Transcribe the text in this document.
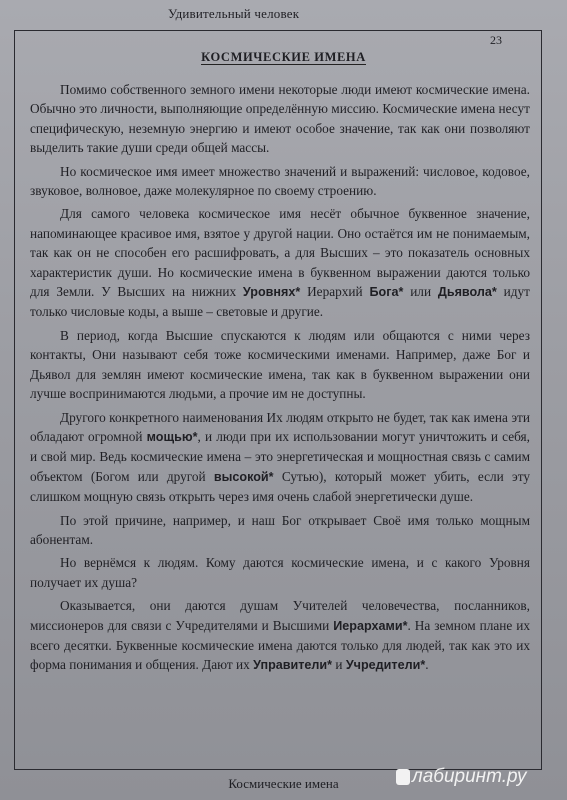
Удивительный человек
23
КОСМИЧЕСКИЕ ИМЕНА

Помимо собственного земного имени некоторые люди имеют космические имена. Обычно это личности, выполняющие определённую миссию. Космические имена несут специфическую, неземную энергию и имеют особое значение, так как они позволяют выделить такие души среди общей массы.

Но космическое имя имеет множество значений и выражений: числовое, кодовое, звуковое, волновое, даже молекулярное по своему строению.

Для самого человека космическое имя несёт обычное буквенное значение, напоминающее красивое имя, взятое у другой нации. Оно остаётся им не понимаемым, так как он не способен его расшифровать, а для Высших – это показатель основных характеристик души. Но космические имена в буквенном выражении даются только для Земли. У Высших на нижних Уровнях* Иерархий Бога* или Дьявола* идут только числовые коды, а выше – световые и другие.

В период, когда Высшие спускаются к людям или общаются с ними через контакты, Они называют себя тоже космическими именами. Например, даже Бог и Дьявол для землян имеют космические имена, так как в буквенном выражении они лучше воспринимаются людьми, а прочие им не доступны.

Другого конкретного наименования Их людям открыто не будет, так как имена эти обладают огромной мощью*, и люди при их использовании могут уничтожить и себя, и свой мир. Ведь космические имена – это энергетическая и мощностная связь с самим объектом (Богом или другой высокой* Сутью), который может убить, если эту слишком мощную связь открыть через имя очень слабой энергетически душе.

По этой причине, например, и наш Бог открывает Своё имя только мощным абонентам.

Но вернёмся к людям. Кому даются космические имена, и с какого Уровня получает их душа?

Оказывается, они даются душам Учителей человечества, посланников, миссионеров для связи с Учредителями и Высшими Иерархами*. На земном плане их всего десятки. Буквенные космические имена даются только для людей, так как это их форма понимания и общения. Дают их Управители* и Учредители*.

Космические имена	лабиринт.ру
